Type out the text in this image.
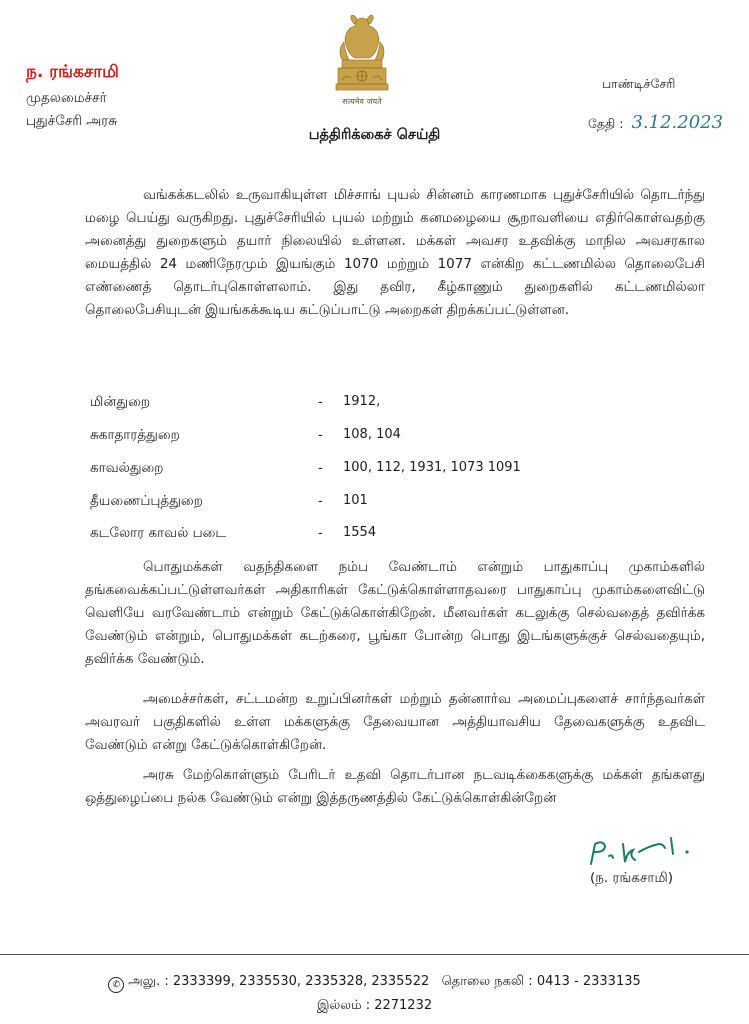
ந. ரங்கசாமி
முதலமைச்சர்
புதுச்சேரி அரசு
सत्यमेव जयते
பாண்டிச்சேரி
தேதி : 3.12.2023
பத்திரிக்கைச் செய்தி
வங்கக்கடலில் உருவாகியுள்ள மிச்சாங் புயல் சின்னம் காரணமாக புதுச்சேரியில் தொடர்ந்து மழை பெய்து வருகிறது. புதுச்சேரியில் புயல் மற்றும் கனமழையை சூறாவளியை எதிர்கொள்வதற்கு அனைத்து துறைகளும் தயார் நிலையில் உள்ளன. மக்கள் அவசர உதவிக்கு மாநில அவசரகால மையத்தில் 24 மணிநேரமும் இயங்கும் 1070 மற்றும் 1077 என்கிற கட்டணமில்ல தொலைபேசி எண்ணைத் தொடர்புகொள்ளலாம். இது தவிர, கீழ்காணும் துறைகளில் கட்டணமில்லா தொலைபேசியுடன் இயங்கக்கூடிய கட்டுப்பாட்டு அறைகள் திறக்கப்பட்டுள்ளன.
மின்துறை	- 1912,
சுகாதாரத்துறை	- 108, 104
காவல்துறை	- 100, 112, 1931, 1073 1091
தீயணைப்புத்துறை	- 101
கடலோர காவல் படை	- 1554
பொதுமக்கள் வதந்திகளை நம்ப வேண்டாம் என்றும் பாதுகாப்பு முகாம்களில் தங்கவைக்கப்பட்டுள்ளவர்கள் அதிகாரிகள் கேட்டுக்கொள்ளாதவரை பாதுகாப்பு முகாம்களைவிட்டு வெளியே வரவேண்டாம் என்றும் கேட்டுக்கொள்கிறேன். மீனவர்கள் கடலுக்கு செல்வதைத் தவிர்க்க வேண்டும் என்றும், பொதுமக்கள் கடற்கரை, பூங்கா போன்ற பொது இடங்களுக்குச் செல்வதையும், தவிர்க்க வேண்டும்.
அமைச்சர்கள், சட்டமன்ற உறுப்பினர்கள் மற்றும் தன்னார்வ அமைப்புகளைச் சார்ந்தவர்கள் அவரவர் பகுதிகளில் உள்ள மக்களுக்கு தேவையான அத்தியாவசிய தேவைகளுக்கு உதவிட வேண்டும் என்று கேட்டுக்கொள்கிறேன்.
அரசு மேற்கொள்ளும் பேரிடர் உதவி தொடர்பான நடவடிக்கைகளுக்கு மக்கள் தங்களது ஒத்துழைப்பை நல்க வேண்டும் என்று இத்தருணத்தில் கேட்டுக்கொள்கின்றேன்
(ந. ரங்கசாமி)
✆ அலு. : 2333399, 2335530, 2335328, 2335522 தொலை நகலி : 0413 - 2333135
இல்லம் : 2271232
